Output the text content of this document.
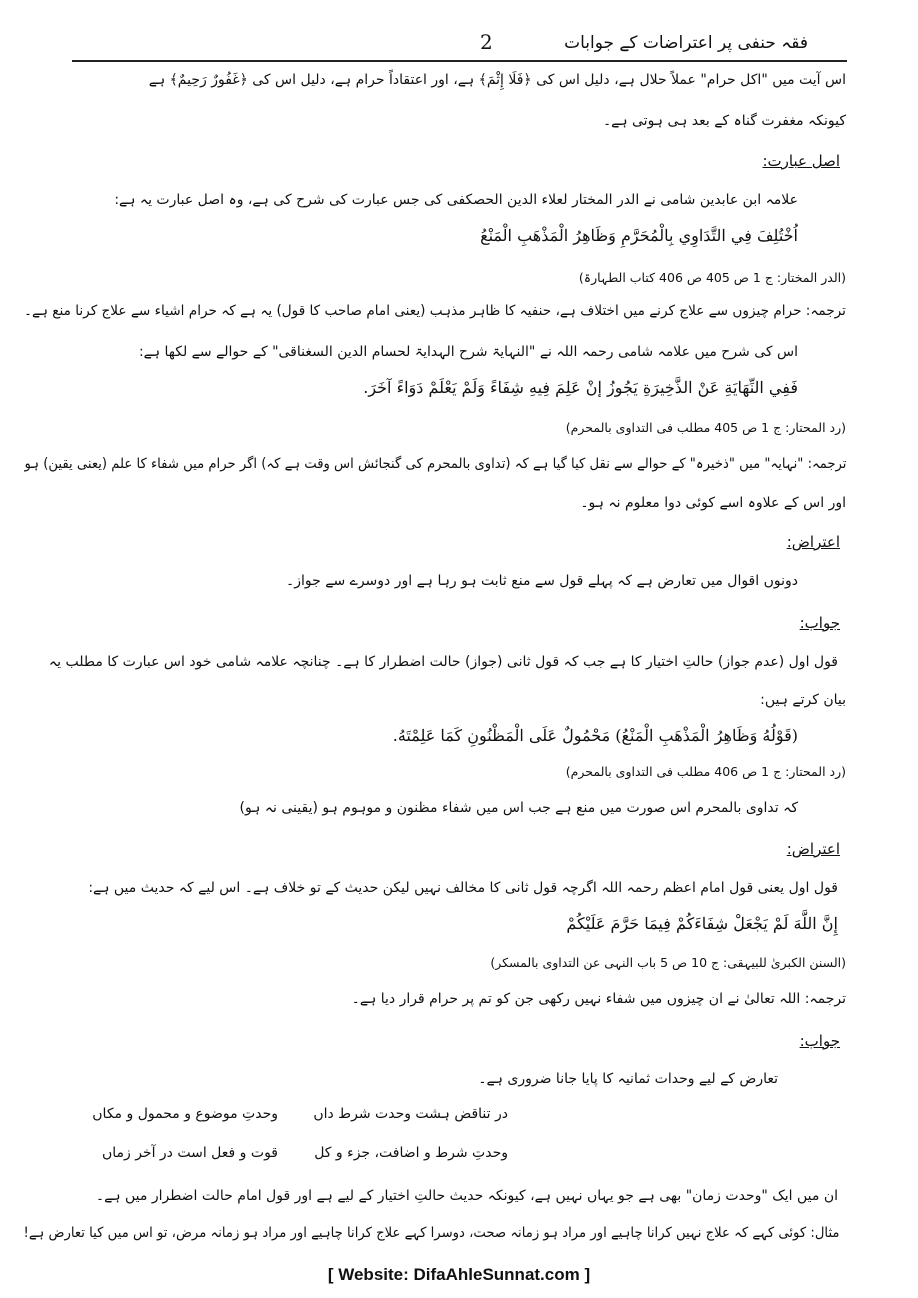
فقہ حنفی پر اعتراضات کے جوابات
2
اس آیت میں "اکل حرام" عملاً حلال ہے، دلیل اس کی ﴿فَلَا إِثْمَ﴾ ہے، اور اعتقاداً حرام ہے، دلیل اس کی ﴿غَفُورٌ رَحِيمٌ﴾ ہے
کیونکہ مغفرت گناہ کے بعد ہی ہوتی ہے۔
اصل عبارت:
علامہ ابن عابدین شامی نے الدر المختار لعلاء الدین الحصکفی کی جس عبارت کی شرح کی ہے، وہ اصل عبارت یہ ہے:
اُخْتُلِفَ فِي التَّدَاوِي بِالْمُحَرَّمِ وَظَاهِرُ الْمَذْهَبِ الْمَنْعُ
(الدر المختار: ج 1 ص 405 ص 406 کتاب الطہارۃ)
ترجمہ: حرام چیزوں سے علاج کرنے میں اختلاف ہے، حنفیہ کا ظاہر مذہب (یعنی امام صاحب کا قول) یہ ہے کہ حرام اشیاء سے علاج کرنا منع ہے۔
اس کی شرح میں علامہ شامی رحمہ اللہ نے "النہایۃ شرح الہدایۃ لحسام الدین السغناقی" کے حوالے سے لکھا ہے:
فَفِي النِّهَايَةِ عَنْ الذَّخِيرَةِ يَجُوزُ إنْ عَلِمَ فِيهِ شِفَاءً وَلَمْ يَعْلَمْ دَوَاءً آخَرَ.
(رد المحتار: ج 1 ص 405 مطلب فی التداوی بالمحرم)
ترجمہ: "نہایہ" میں "ذخیرہ" کے حوالے سے نقل کیا گیا ہے کہ (تداوی بالمحرم کی گنجائش اس وقت ہے کہ) اگر حرام میں شفاء کا علم (یعنی یقین) ہو
اور اس کے علاوہ اسے کوئی دوا معلوم نہ ہو۔
اعتراض:
دونوں اقوال میں تعارض ہے کہ پہلے قول سے منع ثابت ہو رہا ہے اور دوسرے سے جواز۔
جواب:
قول اول (عدم جواز) حالتِ اختیار کا ہے جب کہ قول ثانی (جواز) حالت اضطرار کا ہے۔ چنانچہ علامہ شامی خود اس عبارت کا مطلب یہ
بیان کرتے ہیں:
(قَوْلُهُ وَظَاهِرُ الْمَذْهَبِ الْمَنْعُ) مَحْمُولٌ عَلَى الْمَظْنُونِ كَمَا عَلِمْتَهُ.
(رد المحتار: ج 1 ص 406 مطلب فی التداوی بالمحرم)
کہ تداوی بالمحرم اس صورت میں منع ہے جب اس میں شفاء مظنون و موہوم ہو (یقینی نہ ہو)
اعتراض:
قول اول یعنی قول امام اعظم رحمہ اللہ اگرچہ قول ثانی کا مخالف نہیں لیکن حدیث کے تو خلاف ہے۔ اس لیے کہ حدیث میں ہے:
إِنَّ اللَّهَ لَمْ يَجْعَلْ شِفَاءَكُمْ فِيمَا حَرَّمَ عَلَيْكُمْ
(السنن الکبریٰ للبیہقی: ج 10 ص 5 باب النہی عن التداوی بالمسکر)
ترجمہ: اللہ تعالیٰ نے ان چیزوں میں شفاء نہیں رکھی جن کو تم پر حرام قرار دیا ہے۔
جواب:
تعارض کے لیے وحدات ثمانیہ کا پایا جانا ضروری ہے۔
در تناقض ہشت وحدت شرط داں
وحدتِ موضوع و محمول و مکاں
وحدتِ شرط و اضافت، جزء و کل
قوت و فعل است در آخر زماں
ان میں ایک "وحدت زمان" بھی ہے جو یہاں نہیں ہے، کیونکہ حدیث حالتِ اختیار کے لیے ہے اور قول امام حالت اضطرار میں ہے۔
مثال: کوئی کہے کہ علاج نہیں کرانا چاہیے اور مراد ہو زمانہ صحت، دوسرا کہے علاج کرانا چاہیے اور مراد ہو زمانہ مرض، تو اس میں کیا تعارض ہے!
[ Website: DifaAhleSunnat.com ]
